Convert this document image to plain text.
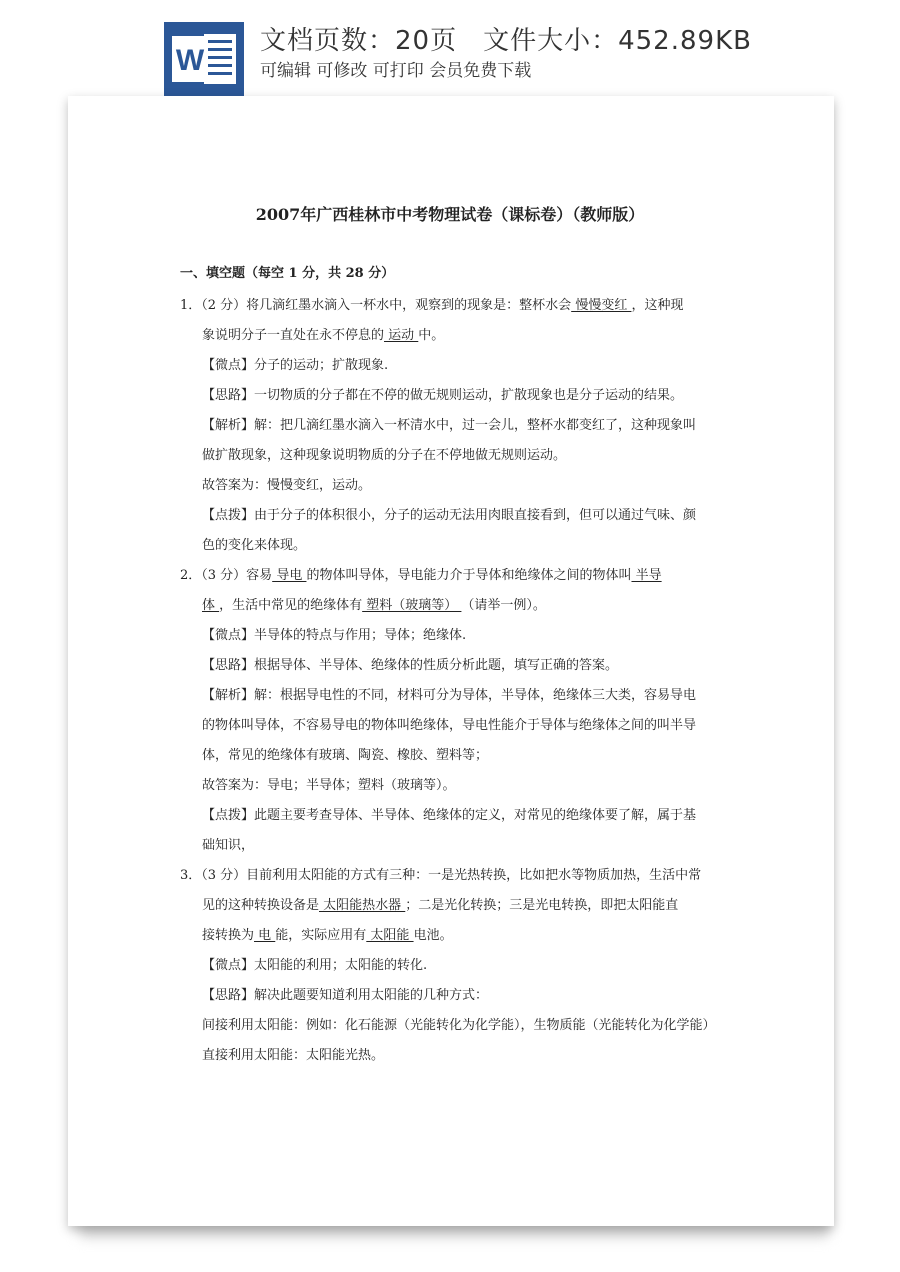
W
文档页数：20页 文件大小：452.89KB
可编辑 可修改 可打印 会员免费下载
2007年广西桂林市中考物理试卷（课标卷）（教师版）
一、填空题（每空 1 分，共 28 分）
1．（2 分）将几滴红墨水滴入一杯水中，观察到的现象是：整杯水会 慢慢变红 ，这种现
象说明分子一直处在永不停息的 运动 中。
【微点】分子的运动；扩散现象.
【思路】一切物质的分子都在不停的做无规则运动，扩散现象也是分子运动的结果。
【解析】解：把几滴红墨水滴入一杯清水中，过一会儿，整杯水都变红了，这种现象叫
做扩散现象，这种现象说明物质的分子在不停地做无规则运动。
故答案为：慢慢变红，运动。
【点拨】由于分子的体积很小，分子的运动无法用肉眼直接看到，但可以通过气味、颜
色的变化来体现。
2．（3 分）容易 导电 的物体叫导体，导电能力介于导体和绝缘体之间的物体叫 半导
体 ，生活中常见的绝缘体有 塑料（玻璃等） （请举一例）。
【微点】半导体的特点与作用；导体；绝缘体.
【思路】根据导体、半导体、绝缘体的性质分析此题，填写正确的答案。
【解析】解：根据导电性的不同，材料可分为导体，半导体，绝缘体三大类，容易导电
的物体叫导体，不容易导电的物体叫绝缘体，导电性能介于导体与绝缘体之间的叫半导
体，常见的绝缘体有玻璃、陶瓷、橡胶、塑料等；
故答案为：导电；半导体；塑料（玻璃等）。
【点拨】此题主要考查导体、半导体、绝缘体的定义，对常见的绝缘体要了解，属于基
础知识，
3．（3 分）目前利用太阳能的方式有三种：一是光热转换，比如把水等物质加热，生活中常
见的这种转换设备是 太阳能热水器 ；二是光化转换；三是光电转换，即把太阳能直
接转换为 电 能，实际应用有 太阳能 电池。
【微点】太阳能的利用；太阳能的转化.
【思路】解决此题要知道利用太阳能的几种方式：
间接利用太阳能：例如：化石能源（光能转化为化学能），生物质能（光能转化为化学能）
直接利用太阳能：太阳能光热。
